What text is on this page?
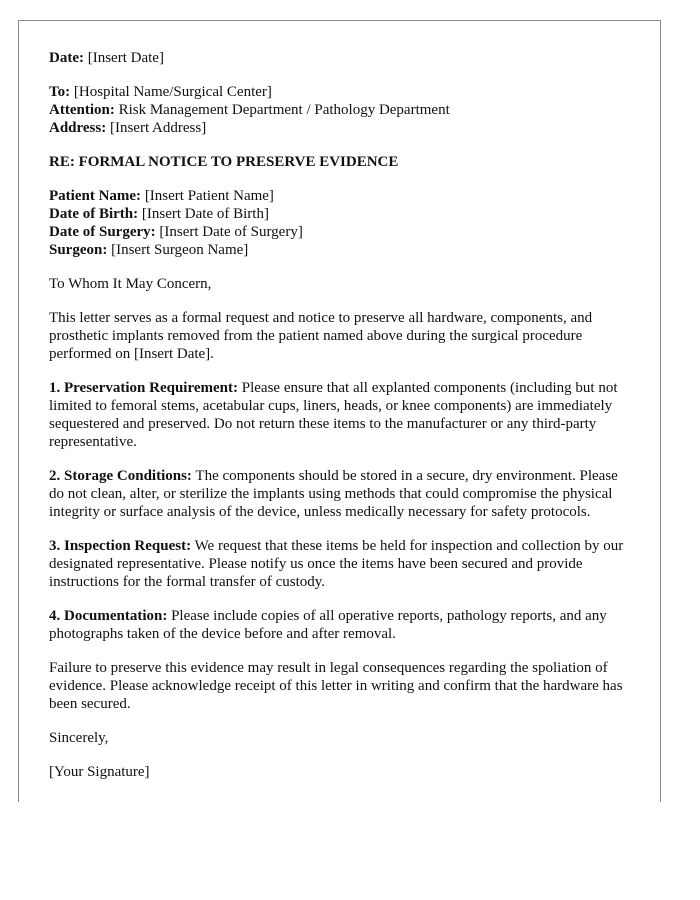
Date: [Insert Date]

To: [Hospital Name/Surgical Center]
Attention: Risk Management Department / Pathology Department
Address: [Insert Address]

RE: FORMAL NOTICE TO PRESERVE EVIDENCE

Patient Name: [Insert Patient Name]
Date of Birth: [Insert Date of Birth]
Date of Surgery: [Insert Date of Surgery]
Surgeon: [Insert Surgeon Name]

To Whom It May Concern,

This letter serves as a formal request and notice to preserve all hardware, components, and prosthetic implants removed from the patient named above during the surgical procedure performed on [Insert Date].

1. Preservation Requirement: Please ensure that all explanted components (including but not limited to femoral stems, acetabular cups, liners, heads, or knee components) are immediately sequestered and preserved. Do not return these items to the manufacturer or any third-party representative.

2. Storage Conditions: The components should be stored in a secure, dry environment. Please do not clean, alter, or sterilize the implants using methods that could compromise the physical integrity or surface analysis of the device, unless medically necessary for safety protocols.

3. Inspection Request: We request that these items be held for inspection and collection by our designated representative. Please notify us once the items have been secured and provide instructions for the formal transfer of custody.

4. Documentation: Please include copies of all operative reports, pathology reports, and any photographs taken of the device before and after removal.

Failure to preserve this evidence may result in legal consequences regarding the spoliation of evidence. Please acknowledge receipt of this letter in writing and confirm that the hardware has been secured.

Sincerely,

[Your Signature]
